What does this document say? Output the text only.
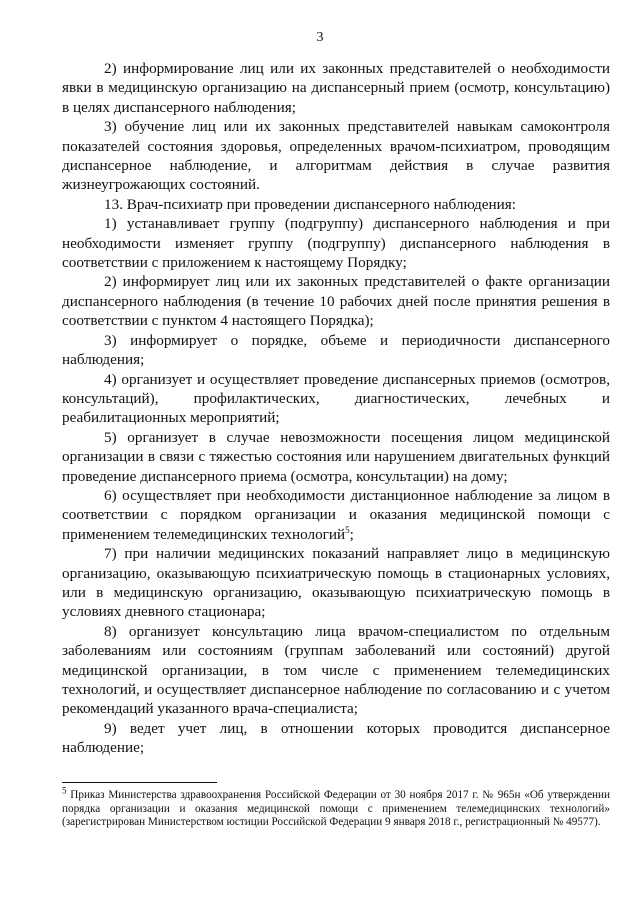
3

2) информирование лиц или их законных представителей о необходимости явки в медицинскую организацию на диспансерный прием (осмотр, консультацию) в целях диспансерного наблюдения;

3) обучение лиц или их законных представителей навыкам самоконтроля показателей состояния здоровья, определенных врачом-психиатром, проводящим диспансерное наблюдение, и алгоритмам действия в случае развития жизнеугрожающих состояний.

13. Врач-психиатр при проведении диспансерного наблюдения:

1) устанавливает группу (подгруппу) диспансерного наблюдения и при необходимости изменяет группу (подгруппу) диспансерного наблюдения в соответствии с приложением к настоящему Порядку;

2) информирует лиц или их законных представителей о факте организации диспансерного наблюдения (в течение 10 рабочих дней после принятия решения в соответствии с пунктом 4 настоящего Порядка);

3) информирует о порядке, объеме и периодичности диспансерного наблюдения;

4) организует и осуществляет проведение диспансерных приемов (осмотров, консультаций), профилактических, диагностических, лечебных и реабилитационных мероприятий;

5) организует в случае невозможности посещения лицом медицинской организации в связи с тяжестью состояния или нарушением двигательных функций проведение диспансерного приема (осмотра, консультации) на дому;

6) осуществляет при необходимости дистанционное наблюдение за лицом в соответствии с порядком организации и оказания медицинской помощи с применением телемедицинских технологий$^5$;

7) при наличии медицинских показаний направляет лицо в медицинскую организацию, оказывающую психиатрическую помощь в стационарных условиях, или в медицинскую организацию, оказывающую психиатрическую помощь в условиях дневного стационара;

8) организует консультацию лица врачом-специалистом по отдельным заболеваниям или состояниям (группам заболеваний или состояний) другой медицинской организации, в том числе с применением телемедицинских технологий, и осуществляет диспансерное наблюдение по согласованию и с учетом рекомендаций указанного врача-специалиста;

9) ведет учет лиц, в отношении которых проводится диспансерное наблюдение;

$^5$ Приказ Министерства здравоохранения Российской Федерации от 30 ноября 2017 г. № 965н «Об утверждении порядка организации и оказания медицинской помощи с применением телемедицинских технологий» (зарегистрирован Министерством юстиции Российской Федерации 9 января 2018 г., регистрационный № 49577).
